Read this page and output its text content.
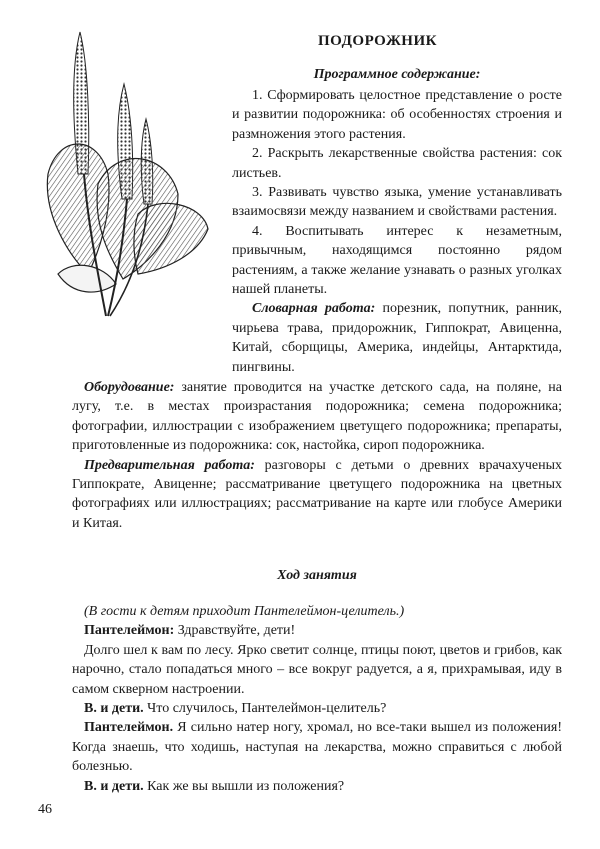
ПОДОРОЖНИК

Программное содержание:

1. Сформировать целостное представление о росте и развитии подорожника: об особенностях строения и размножения этого растения.

2. Раскрыть лекарственные свойства растения: сок листьев.

3. Развивать чувство языка, умение устанавливать взаимосвязи между названием и свойствами растения.

4. Воспитывать интерес к незаметным, привычным, находящимся постоянно рядом растениям, а также желание узнавать о разных уголках нашей планеты.

Словарная работа: порезник, попутник, ранник, чирьева трава, придорожник, Гиппократ, Авиценна, Китай, сборщицы, Америка, индейцы, Антарктида, пингвины.

Оборудование: занятие проводится на участке детского сада, на поляне, на лугу, т.е. в местах произрастания подорожника; семена подорожника; фотографии, иллюстрации с изображением цветущего подорожника; препараты, приготовленные из подорожника: сок, настойка, сироп подорожника.

Предварительная работа: разговоры с детьми о древних врачахученых Гиппократе, Авиценне; рассматривание цветущего подорожника на цветных фотографиях или иллюстрациях; рассматривание на карте или глобусе Америки и Китая.

Ход занятия

(В гости к детям приходит Пантелеймон-целитель.)

Пантелеймон: Здравствуйте, дети!

Долго шел к вам по лесу. Ярко светит солнце, птицы поют, цветов и грибов, как нарочно, стало попадаться много – все вокруг радуется, а я, прихрамывая, иду в самом скверном настроении.

В. и дети. Что случилось, Пантелеймон-целитель?

Пантелеймон. Я сильно натер ногу, хромал, но все-таки вышел из положения! Когда знаешь, что ходишь, наступая на лекарства, можно справиться с любой болезнью.

В. и дети. Как же вы вышли из положения?

46
